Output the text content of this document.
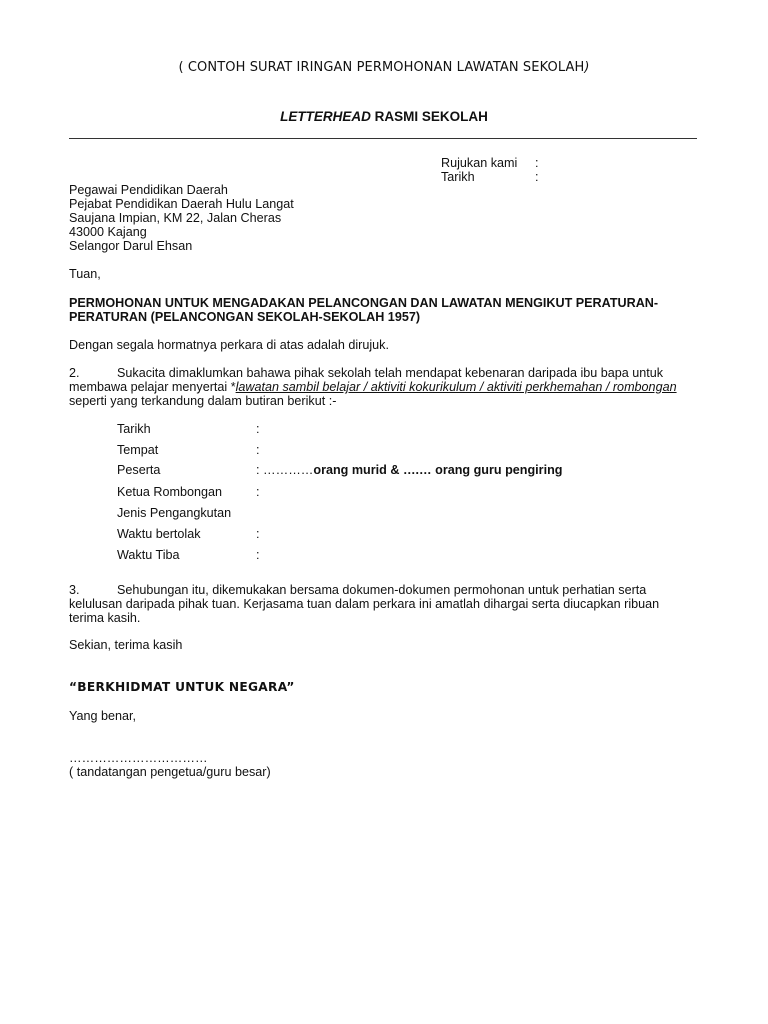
( CONTOH SURAT IRINGAN PERMOHONAN LAWATAN SEKOLAH)
LETTERHEAD RASMI SEKOLAH
Rujukan kami :
Tarikh	:
Pegawai Pendidikan Daerah
Pejabat Pendidikan Daerah Hulu Langat
Saujana Impian, KM 22, Jalan Cheras
43000 Kajang
Selangor Darul Ehsan
Tuan,
PERMOHONAN UNTUK MENGADAKAN PELANCONGAN DAN LAWATAN MENGIKUT PERATURAN-
PERATURAN (PELANCONGAN SEKOLAH-SEKOLAH 1957)
Dengan segala hormatnya perkara di atas adalah dirujuk.
2.	Sukacita dimaklumkan bahawa pihak sekolah telah mendapat kebenaran daripada ibu bapa untuk
membawa pelajar menyertai *lawatan sambil belajar / aktiviti kokurikulum / aktiviti perkhemahan / rombongan
seperti yang terkandung dalam butiran berikut :-
Tarikh	:
Tempat	:
Peserta	: …………orang murid & ….… orang guru pengiring
Ketua Rombongan	:
Jenis Pengangkutan
Waktu bertolak	:
Waktu Tiba	:
3.	Sehubungan itu, dikemukakan bersama dokumen-dokumen permohonan untuk perhatian serta
kelulusan daripada pihak tuan. Kerjasama tuan dalam perkara ini amatlah dihargai serta diucapkan ribuan
terima kasih.
Sekian, terima kasih
“BERKHIDMAT UNTUK NEGARA”
Yang benar,
……………………………
( tandatangan pengetua/guru besar)
